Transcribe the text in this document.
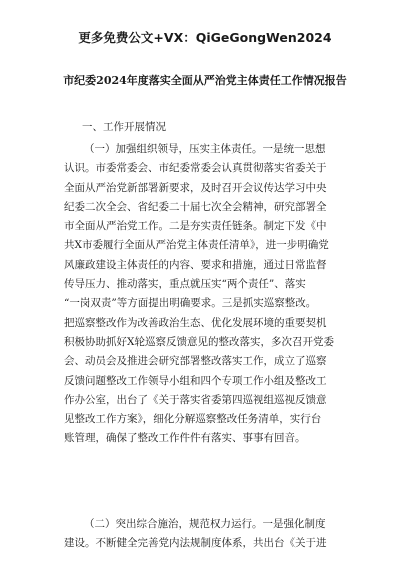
更多免费公文+VX：QiGeGongWen2024
市纪委2024年度落实全面从严治党主体责任工作情况报告
一、工作开展情况
（一）加强组织领导，压实主体责任。一是统一思想
认识。市委常委会、市纪委常委会认真贯彻落实省委关于
全面从严治党新部署新要求，及时召开会议传达学习中央
纪委二次全会、省纪委二十届七次全会精神，研究部署全
市全面从严治党工作。二是夯实责任链条。制定下发《中
共X市委履行全面从严治党主体责任清单》，进一步明确党
风廉政建设主体责任的内容、要求和措施，通过日常监督
传导压力、推动落实，重点就压实“两个责任”、落实
“一岗双责”等方面提出明确要求。三是抓实巡察整改。
把巡察整改作为改善政治生态、优化发展环境的重要契机
积极协助抓好X轮巡察反馈意见的整改落实，多次召开党委
会、动员会及推进会研究部署整改落实工作，成立了巡察
反馈问题整改工作领导小组和四个专项工作小组及整改工
作办公室，出台了《关于落实省委第四巡视组巡视反馈意
见整改工作方案》，细化分解巡察整改任务清单，实行台
账管理，确保了整改工作件件有落实、事事有回音。
（二）突出综合施治，规范权力运行。一是强化制度
建设。不断健全完善党内法规制度体系，共出台《关于进
